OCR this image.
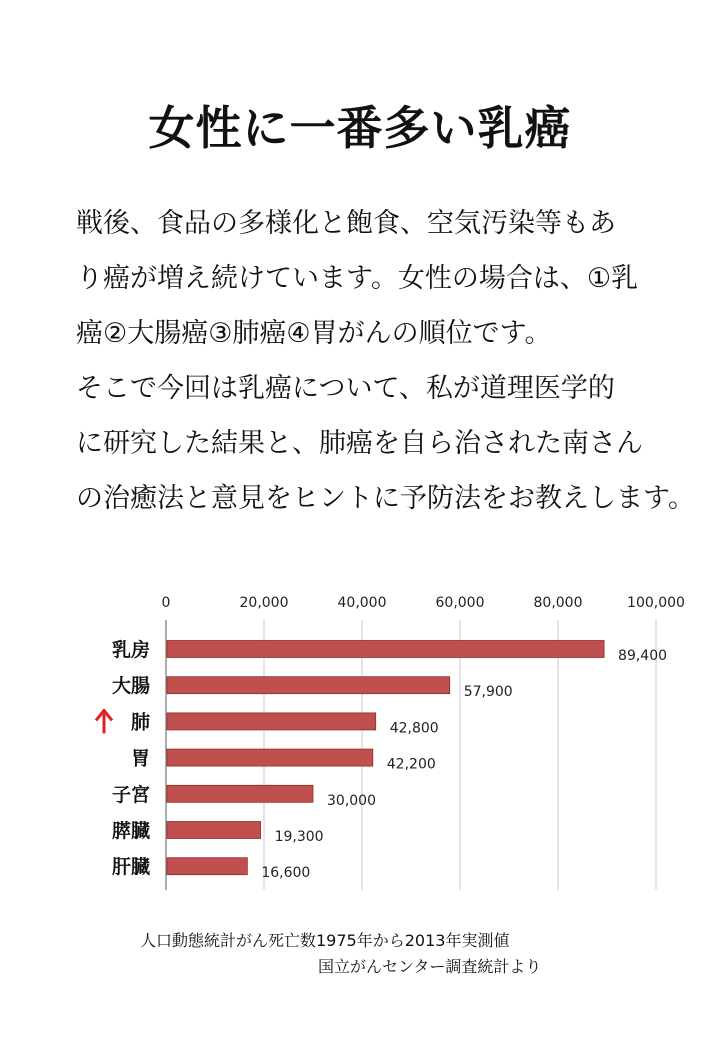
女性に一番多い乳癌
戦後、食品の多様化と飽食、空気汚染等もあ
り癌が増え続けています。女性の場合は、①乳
癌②大腸癌③肺癌④胃がんの順位です。
そこで今回は乳癌について、私が道理医学的
に研究した結果と、肺癌を自ら治された南さん
の治癒法と意見をヒントに予防法をお教えします。
0	20,000	40,000	60,000	80,000	100,000
89,400
乳房
57,900
大腸
42,800
肺
42,200
胃
30,000
子宮
19,300
膵臓
16,600
肝臓
人口動態統計がん死亡数1975年から2013年実測値
国立がんセンター調査統計より
